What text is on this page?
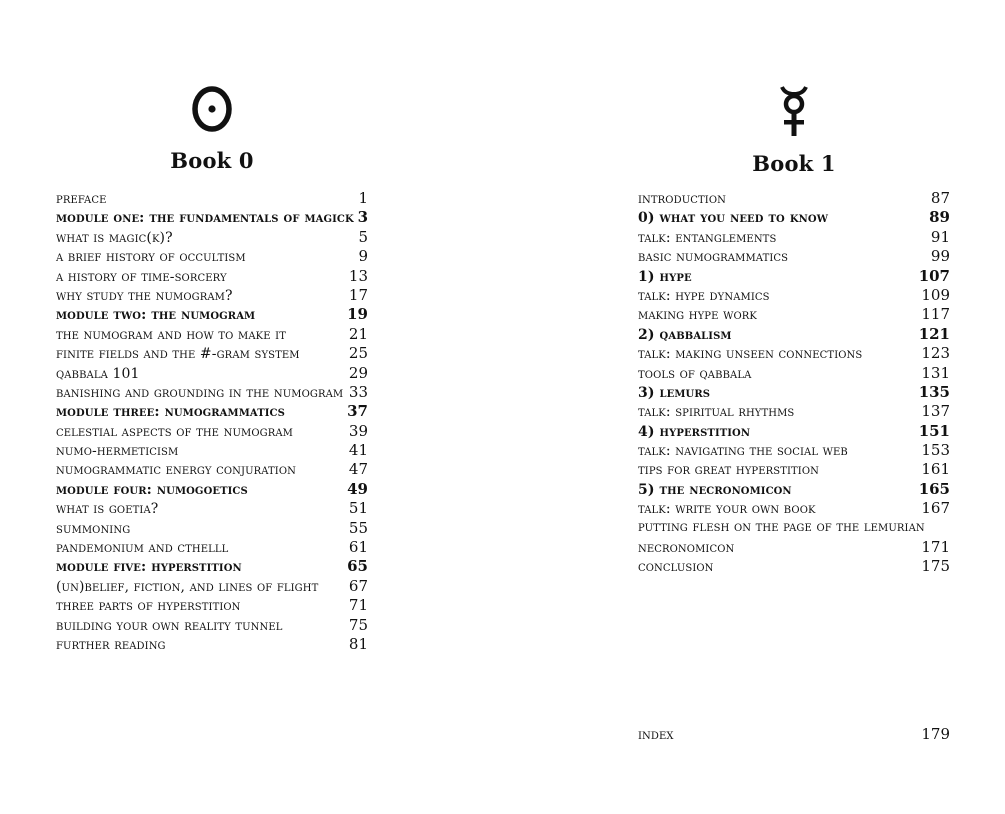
Book 0
preface	1
module one: the fundamentals of magick 3
what is magic(k)?	5
a brief history of occultism	9
a history of time-sorcery	13
why study the numogram?	17
module two: the numogram	19
the numogram and how to make it	21
finite fields and the #-gram system	25
qabbala 101	29
banishing and grounding in the numogram 33
module three: numogrammatics	37
celestial aspects of the numogram	39
numo-hermeticism	41
numogrammatic energy conjuration	47
module four: numogoetics	49
what is goetia?	51
summoning	55
pandemonium and cthelll	61
module five: hyperstition	65
(un)belief, fiction, and lines of flight 67
three parts of hyperstition	71
building your own reality tunnel	75
further reading	81
Book 1
introduction	87
0) what you need to know	89
talk: entanglements	91
basic numogrammatics	99
1) hype	107
talk: hype dynamics	109
making hype work	117
2) qabbalism	121
talk: making unseen connections	123
tools of qabbala	131
3) lemurs	135
talk: spiritual rhythms	137
4) hyperstition	151
talk: navigating the social web	153
tips for great hyperstition	161
5) the necronomicon	165
talk: write your own book	167
putting flesh on the page of the lemurian
necronomicon	171
conclusion	175
index	179
